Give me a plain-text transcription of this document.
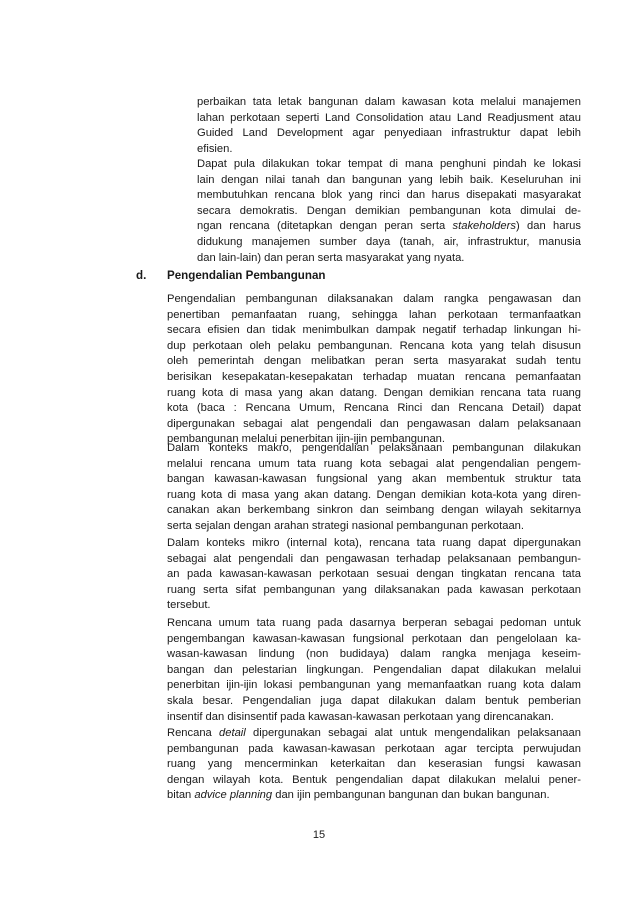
perbaikan tata letak bangunan dalam kawasan kota melalui manajemen
lahan perkotaan seperti Land Consolidation atau Land Readjusment atau
Guided Land Development agar penyediaan infrastruktur dapat lebih
efisien.
Dapat pula dilakukan tokar tempat di mana penghuni pindah ke lokasi
lain dengan nilai tanah dan bangunan yang lebih baik. Keseluruhan ini
membutuhkan rencana blok yang rinci dan harus disepakati masyarakat
secara demokratis. Dengan demikian pembangunan kota dimulai de-
ngan rencana (ditetapkan dengan peran serta stakeholders) dan harus
didukung manajemen sumber daya (tanah, air, infrastruktur, manusia
dan lain-lain) dan peran serta masyarakat yang nyata.
d. Pengendalian Pembangunan
Pengendalian pembangunan dilaksanakan dalam rangka pengawasan dan
penertiban pemanfaatan ruang, sehingga lahan perkotaan termanfaatkan
secara efisien dan tidak menimbulkan dampak negatif terhadap linkungan hi-
dup perkotaan oleh pelaku pembangunan. Rencana kota yang telah disusun
oleh pemerintah dengan melibatkan peran serta masyarakat sudah tentu
berisikan kesepakatan-kesepakatan terhadap muatan rencana pemanfaatan
ruang kota di masa yang akan datang. Dengan demikian rencana tata ruang
kota (baca : Rencana Umum, Rencana Rinci dan Rencana Detail) dapat
dipergunakan sebagai alat pengendali dan pengawasan dalam pelaksanaan
pembangunan melalui penerbitan ijin-ijin pembangunan.
Dalam konteks makro, pengendalian pelaksanaan pembangunan dilakukan
melalui rencana umum tata ruang kota sebagai alat pengendalian pengem-
bangan kawasan-kawasan fungsional yang akan membentuk struktur tata
ruang kota di masa yang akan datang. Dengan demikian kota-kota yang diren-
canakan akan berkembang sinkron dan seimbang dengan wilayah sekitarnya
serta sejalan dengan arahan strategi nasional pembangunan perkotaan.
Dalam konteks mikro (internal kota), rencana tata ruang dapat dipergunakan
sebagai alat pengendali dan pengawasan terhadap pelaksanaan pembangun-
an pada kawasan-kawasan perkotaan sesuai dengan tingkatan rencana tata
ruang serta sifat pembangunan yang dilaksanakan pada kawasan perkotaan
tersebut.
Rencana umum tata ruang pada dasarnya berperan sebagai pedoman untuk
pengembangan kawasan-kawasan fungsional perkotaan dan pengelolaan ka-
wasan-kawasan lindung (non budidaya) dalam rangka menjaga keseim-
bangan dan pelestarian lingkungan. Pengendalian dapat dilakukan melalui
penerbitan ijin-ijin lokasi pembangunan yang memanfaatkan ruang kota dalam
skala besar. Pengendalian juga dapat dilakukan dalam bentuk pemberian
insentif dan disinsentif pada kawasan-kawasan perkotaan yang direncanakan.
Rencana detail dipergunakan sebagai alat untuk mengendalikan pelaksanaan
pembangunan pada kawasan-kawasan perkotaan agar tercipta perwujudan
ruang yang mencerminkan keterkaitan dan keserasian fungsi kawasan
dengan wilayah kota. Bentuk pengendalian dapat dilakukan melalui pener-
bitan advice planning dan ijin pembangunan bangunan dan bukan bangunan.
15
